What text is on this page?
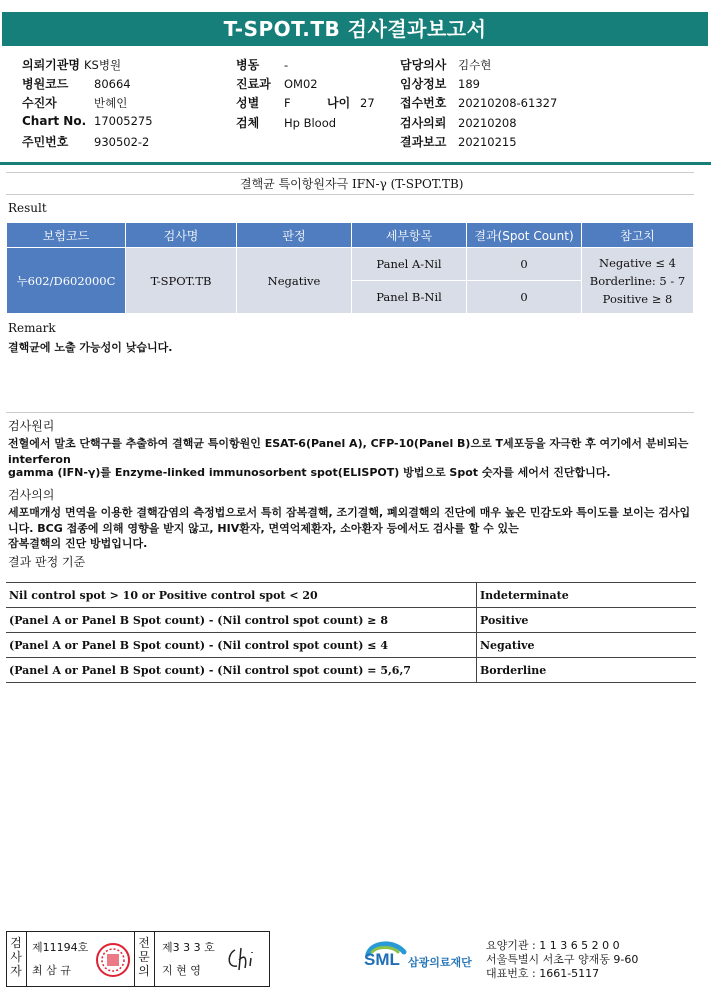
T-SPOT.TB 검사결과보고서
의뢰기관명 KS병원
병원코드 80664
수진자	반혜인
Chart No. 17005275
주민번호 930502-2
병동 -
진료과 OM02
성별 F	나이 27
검체 Hp Blood
담당의사 김수현
임상정보 189
접수번호 20210208-61327
검사의뢰 20210208
결과보고 20210215
결핵균 특이항원자극 IFN-γ (T-SPOT.TB)
Result
보험코드	검사명	판정	세부항목	결과(Spot Count)	참고치
누602/D602000C	T-SPOT.TB	Negative	Panel A-Nil	0	Negative ≤ 4
Borderline: 5 - 7
Positive ≥ 8

			Panel B-Nil	0	
Remark
결핵균에 노출 가능성이 낮습니다.
검사원리
전혈에서 말초 단핵구를 추출하여 결핵균 특이항원인 ESAT-6(Panel A), CFP-10(Panel B)으로 T세포등을 자극한 후 여기에서 분비되는 interferon
gamma (IFN-γ)를 Enzyme-linked immunosorbent spot(ELISPOT) 방법으로 Spot 숫자를 세어서 진단합니다.
검사의의
세포매개성 면역을 이용한 결핵감염의 측정법으로서 특히 잠복결핵, 조기결핵, 폐외결핵의 진단에 매우 높은 민감도와 특이도를 보이는 검사입니다. BCG 접종에 의해 영향을 받지 않고, HIV환자, 면역억제환자, 소아환자 등에서도 검사를 할 수 있는
잠복결핵의 진단 방법입니다.
결과 판정 기준
Nil control spot > 10 or Positive control spot < 20	Indeterminate
(Panel A or Panel B Spot count) - (Nil control spot count) ≥ 8	Positive
(Panel A or Panel B Spot count) - (Nil control spot count) ≤ 4	Negative
(Panel A or Panel B Spot count) - (Nil control spot count) = 5,6,7	Borderline
검사자
제11194호
최 삼 규
전문의
제3 3 3 호
지 현 영
SML 삼광의료재단
요양기관 : 1 1 3 6 5 2 0 0
서울특별시 서초구 양재동 9-60
대표번호 : 1661-5117
